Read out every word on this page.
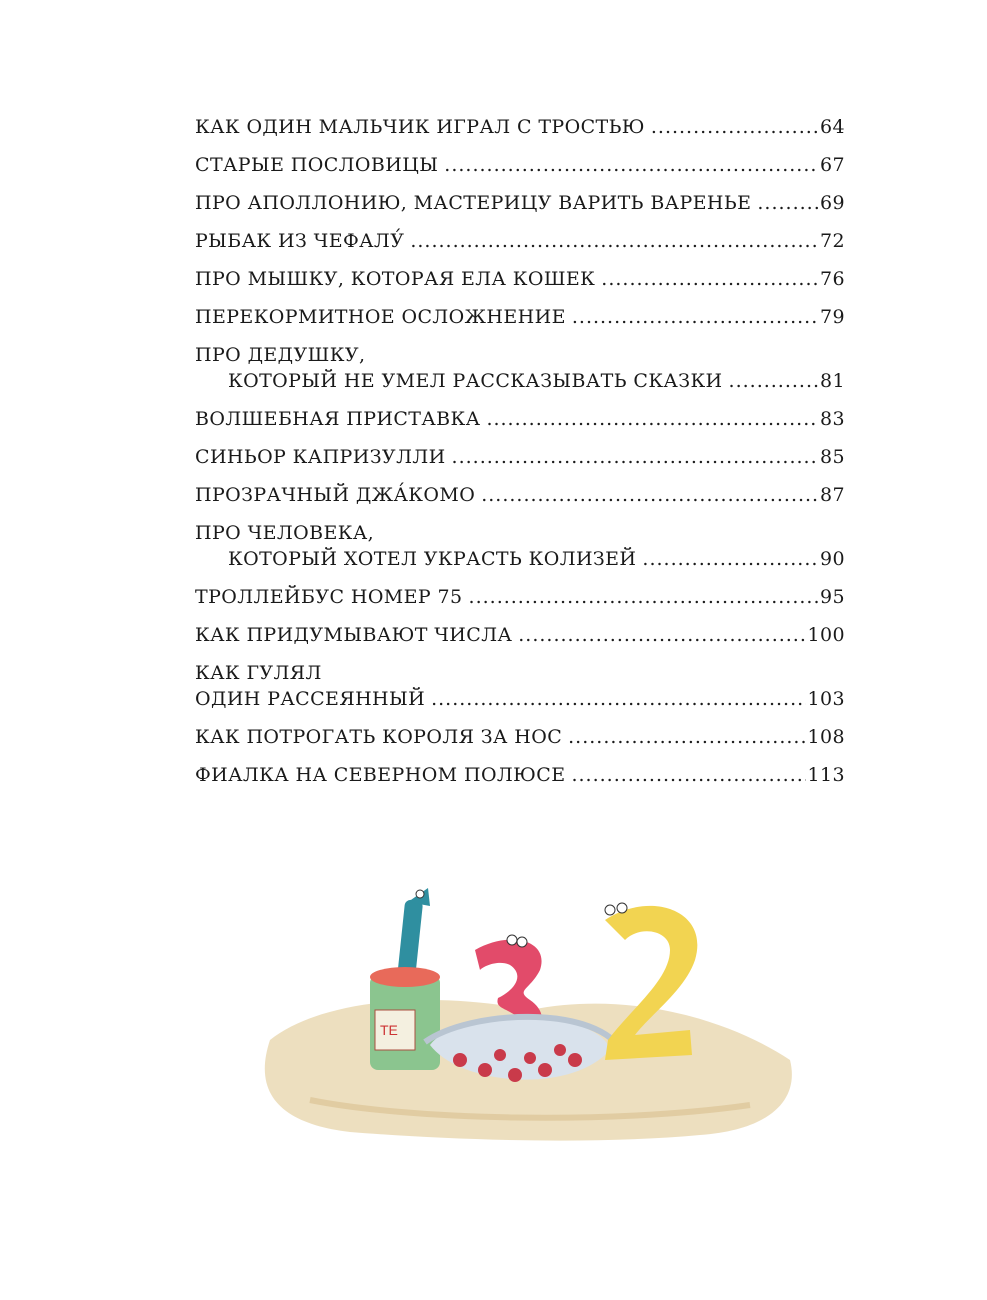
КАК ОДИН МАЛЬЧИК ИГРАЛ С ТРОСТЬЮ .....	64
СТАРЫЕ ПОСЛОВИЦЫ .....	67
ПРО АПОЛЛОНИЮ, МАСТЕРИЦУ ВАРИТЬ ВАРЕНЬЕ .....	69
РЫБАК ИЗ ЧЕФАЛУ́ .....	72
ПРО МЫШКУ, КОТОРАЯ ЕЛА КОШЕК .....	76
ПЕРЕКОРМИТНОЕ ОСЛОЖНЕНИЕ .....	79
ПРО ДЕДУШКУ,
КОТОРЫЙ НЕ УМЕЛ РАССКАЗЫВАТЬ СКАЗКИ .....	81
ВОЛШЕБНАЯ ПРИСТАВКА .....	83
СИНЬОР КАПРИЗУЛЛИ .....	85
ПРОЗРАЧНЫЙ ДЖА́КОМО .....	87
ПРО ЧЕЛОВЕКА,
КОТОРЫЙ ХОТЕЛ УКРАСТЬ КОЛИЗЕЙ .....	90
ТРОЛЛЕЙБУС НОМЕР 75 .....	95
КАК ПРИДУМЫВАЮТ ЧИСЛА .....	100
КАК ГУЛЯЛ
ОДИН РАССЕЯННЫЙ .....	103
КАК ПОТРОГАТЬ КОРОЛЯ ЗА НОС .....	108
ФИАЛКА НА СЕВЕРНОМ ПОЛЮСЕ .....	113
ТЕ
